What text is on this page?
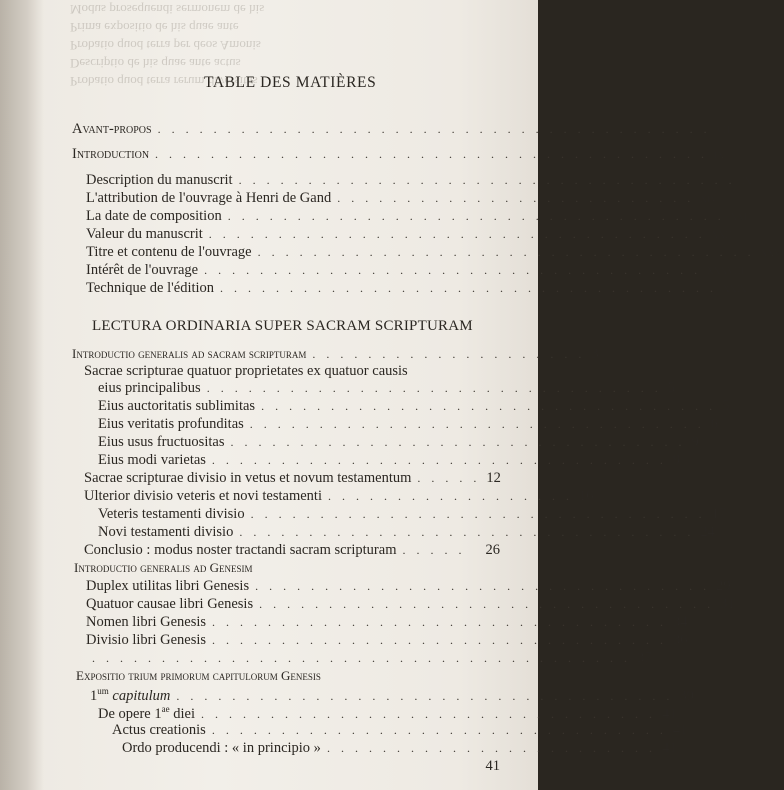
Modus prosequendi sermonem de his

Prima expositio de his quae ante

Probatio quod terra per deos Amonis

Descriptio de his quae ante actus

Probatio quod terra rerum diversitas

TABLE DES MATIÈRES
Avant-propos . . . . . . . . . . . . . . . . . . . . . . . . . . . . . . . . . . . . . . . . vii
Introduction . . . . . . . . . . . . . . . . . . . . . . . . . . . . . . . . . . . . . . . . ix
Description du manuscrit . . . . . . . . . . . . . . . . . . . . . . . . . . . . . . . . . . . . ix
L'attribution de l'ouvrage à Henri de Gand . . . . . . . . . . . . . . . . . . . . . . . . . . xiv
La date de composition . . . . . . . . . . . . . . . . . . . . . . . . . . . . . . . . . . . . xxii
Valeur du manuscrit . . . . . . . . . . . . . . . . . . . . . . . . . . . . . . . . . . . . xxii
Titre et contenu de l'ouvrage . . . . . . . . . . . . . . . . . . . . . . . . . . . . . . . . . . . . xxvi
Intérêt de l'ouvrage . . . . . . . . . . . . . . . . . . . . . . . . . . . . . . . . . . . . xxxviii
Technique de l'édition . . . . . . . . . . . . . . . . . . . . . . . . . . . . . . . . . . . . xxix
LECTURA ORDINARIA SUPER SACRAM SCRIPTURAM
Introductio generalis ad sacram scripturam . . . . . . . . . . . . . . . . . . . . 3
Sacrae scripturae quatuor proprietates ex quatuor causis
eius principalibus . . . . . . . . . . . . . . . . . . . . . . . . . . . . . . . . . 5
Eius auctoritatis sublimitas . . . . . . . . . . . . . . . . . . . . . . . . . . . . . . . . . 5
Eius veritatis profunditas . . . . . . . . . . . . . . . . . . . . . . . . . . . . . . . . . 6
Eius usus fructuositas . . . . . . . . . . . . . . . . . . . . . . . . . . . . . . . . . 9
Eius modi varietas . . . . . . . . . . . . . . . . . . . . . . . . . . . . . . . . . 9
Sacrae scripturae divisio in vetus et novum testamentum . . . . . 12
Ulterior divisio veteris et novi testamenti . . . . . . . . . . . . . . . . . . 16
Veteris testamenti divisio . . . . . . . . . . . . . . . . . . . . . . . . . . . . . . . . . 17
Novi testamenti divisio . . . . . . . . . . . . . . . . . . . . . . . . . . . . . . . . . 24
Conclusio : modus noster tractandi sacram scripturam . . . . .	26
Introductio generalis ad Genesim
Duplex utilitas libri Genesis . . . . . . . . . . . . . . . . . . . . . . . . . . . . . . . . . 29
Quatuor causae libri Genesis . . . . . . . . . . . . . . . . . . . . . . . . . . . . . . . . . 31
Nomen libri Genesis . . . . . . . . . . . . . . . . . . . . . . . . . . . . . . . . . 34
Divisio libri Genesis . . . . . . . . . . . . . . . . . . . . . . . . . . . . . . . . . 36
. . . . . . . . . . . . . . . . . . . . . . . . . . . . . . . . . . . . . . . 37
Expositio trium primorum capitulorum Genesis
$1^{um}$ capitulum . . . . . . . . . . . . . . . . . . . . . . . . . . . . . . . . . . . . 39
De opere $1^{ae}$ diei . . . . . . . . . . . . . . . . . . . . . . . . . . . . . . . . . 41
Actus creationis . . . . . . . . . . . . . . . . . . . . . . . . . . . . . . . . . 41
Ordo producendi : « in principio » . . . . . . . . . . . . . . . . . . . . . . . . 41
41
